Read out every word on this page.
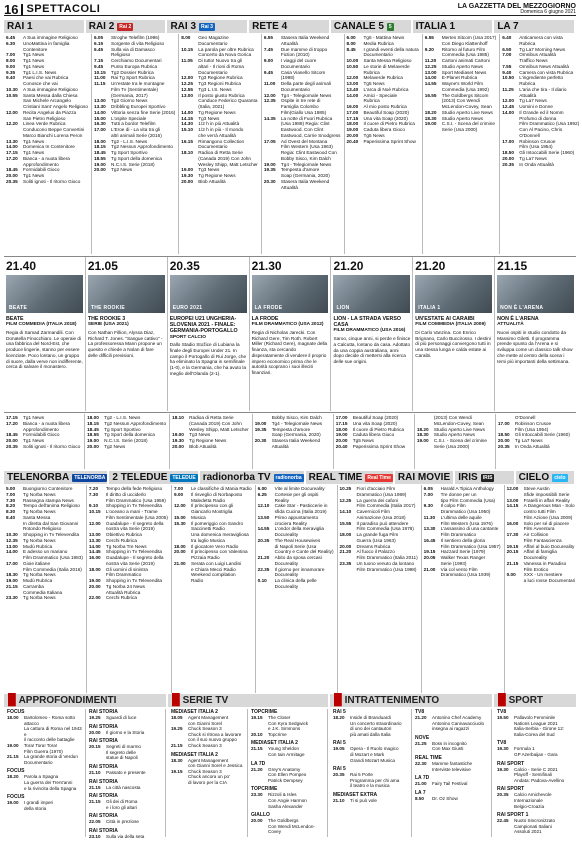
16 SPETTACOLI	LA GAZZETTA DEL MEZZOGIORNO
Domenica 6 giugno 2021
RAI 1	RAI 2 Rai 2	RAI 3 Rai 3	RETE 4	CANALE 5 5	ITALIA 1	LA 7
6.45	A Sua immagine Religioso
6.30	UnoMattina in famiglia
Contenitore
7.00	Tg1 News
8.00	Tg1 News
9.00	Tg1 News
9.35	Tg1 L.I.S. News
9.40	Paesi che vai Rubrica
Conosce che vai
10.30	A Sua immagine Religioso
10.55	Santa Messa dalla Chiesa
San Michele Arcangelo
Cristiani Sant' Angelo Religioso
12.00	Recita Angelus da Piazza
San Pietro Religioso
12.20	Linea Verde Rubrica
Conducono Beppe Convertini
Marco Bianchi Lorena Peron
13.30	Tg1 News
14.00	Domenica In Contenitore
17.15	Tg1 News
17.20	Bianca - a nuota libera
Approfondimento
18.45	Formidabili Gioco
20.00	Tg1 News
20.35	Soliti ignoti - Il ritorno Gioco
6.05	Stroghe Telefilm (1996)
6.15	Sorgente di vita Religioso
6.45	Sulla via di Damasco
Religioso
7.15	Cerchiamo Documentari
9.45	Punto Europa Rubrica
10.15	Tg2 Dossier Rubrica
11.00	Rai Tg Sport Rubrica
11.15	Un'estate tra le montagne
Film Tv (Sentimentale)
(Germania, 2017)
13.00	Tg2 Giorno News
13.30	Dribbling Europei Sportivo
14.00	Vittoria senza fine Serie (2016)
15.00	L'ospite Speciale
16.30	Tutti a bordo! Telefilm
17.00	L'Eroe di - La vita tra gli
altri animali Serie (2016)
18.00	Tg2 - L.I.S. News
18.15	Tg2 Nessun Approfondimento
18.45	Tg Sport Sportivo
18.55	Tg Sport della domenica
19.00	N.C.I.S. Serie (2018)
20.00	Tg2 News
8.00	Geo Magazine
Documentario
10.15	La parola per oltre Rubrica
Concerto da Nova Gorica
11.05	Di tutto! Nuovo tra gli
altari - Il rioni di Roma
Documentario
12.00	Tg3 Regione Rubrica
12.25	Tg3 Regioni Rubrica
12.55	Tg3 L.I.S. News
13.00	Il posto giusto Rubrica
Conduce Federico Quaranta
(Italia, 2021)
14.00	Tg Regione News
14.15	Tg3 News
14.30	1/2 h in più Attualità
15.10	1/2 h in più - Il mondo
che verrà Attualità
16.15	Rimangono Collection
Documentario
18.10	Radioa di Retta Serie
(Canada 2019) Con John
Wesley Shipp, Matt Letscher
19.00	Tg3 News
19.30	Tg Regione News
20.00	Blob Attualità
6.55	Stasera Italia Weekend
Attualità
7.45	Due mamme di troppo
Fiction (2010)
9.00	I viaggi del cuore
Documentario
9.45	Casa Vianello Sitcom
(1998)
11.00	Della parte degli animali
Documentario
12.00	Tg4 - Telegiornale News
12.35	Ospite in tre rete di
Famiglia Colombo
Film(Giallo Usa 1985)
14.35	La notte di Fuori Rubrica
(Usa 1988) Regia: Clint
Eastwood. Con Clint
Eastwood, Carrie Snodgress
17.05	Ad Ovest del Montana
Film Western (Usa 1963)
Regia: Clint Eastwood Con
Bobby Sisco, Kim Dalch
19.00	Tg4 - Telegiornale News
19.35	Tempesta d'amore
Soap (Germania, 2020)
20.30	Stasera Italia Weekend
Attualità
6.00	Tg5 - Mattina News
8.00	Media Rubrica
8.45	I grandi eventi della natura
Documentario
10.00	Santa Messa Religioso
10.50	Le storie di Melaverde
Rubrica
12.00	Melaverde Rubrica
13.00	Tg5 News
13.40	L'arca di Noè Rubrica
14.00	Amici - Speciale
Rubrica
16.00	Al mio posto Rubrica
17.00	Beautiful Soap (2020)
17.15	Una vita Soap (2020)
18.00	Il cuore di Pietro Rubrica
19.00	Caduta libera Gioco
20.00	Tg5 News
20.40	Paperissima Sprint Show
6.55	Mertes Sitcom (Usa 2017)
Con Diego Klattenhoff
9.20	Ritorno al futuro Film
Commedia (Usa 1985)
11.20	Cartoni animati Cartoni
12.25	Studio Aperto News
13.00	Sport Mediaset News
14.00	E-Planet Rubrica
14.55	Wayne's World Film
Commedia (Usa 1992)
16.55	The Goldbergs Sitcom
(2013) Con Wendi
McLendon-Covey, Sean
18.20	Studio Aperto Live News
18.30	Studio Aperto News
19.00	C.S.I. - Scena del crimine
Serie (Usa 2000)
6.40	Anticamera con vista
Rubrica
6.50	Tg La7 Morning News
7.00	Omnibus Attualità
Traffico News
7.55	Omnibus News Attualità
9.40	Camera con vista Rubrica
10.50	L'ingrediente perfetto
Rubrica
11.25	L'aria che tira - Il diario
Attualità
12.00	Tg La7 News
12.45	Uomini e Donne
14.00	Il Grande ed il Nomm
Profumo di donna
Film Drammatico (Usa 1992)
Con Al Pacino, Chris
O'Donnell
17.00	Robinson Crusoe
Film (Usa 1954)
18.50	Gli Intoccabili Serie (1960)
20.00	Tg La7 News
20.35	In Onda Attualità
21.40
BEATE
BEATE
FILM COMMEDIA (ITALIA 2018)
Regia di Samad Zarmandili. Con Donatella Finocchiaro. Le operaie di una fabbrica del Nord-Est, che produce lingerie, stanno per essere licenziate. Poco lontano, un gruppo di suore, dalla verve non indifferente, cerca di salvare il monastero.
21.05
THE ROOKIE
THE ROOKIE 3
SERIE (USA 2021)
Con Nathan Fillion, Alyssa Diaz, Richard T. Jones. "Sangue cattivo" - La professoressa Mann propone un quesito e chiede a Nolan di fare delle difficili previsioni.
20.35
EURO 2021
EUROPEI U21 UNGHERIA-SLOVENIA 2021 - FINALE: GERMANIA-PORTOGALLO
SPORT CALCIO
Dallo Stadio Stožice di Lubiana la finale degli Europei Under 21. In campo il Portogallo di Rui Jorge, che ha eliminato la Spagna in semifinale (1-0), e la Germania, che ha avuto la meglio dell'Olanda (2-1).
21.30
LA FRODE
LA FRODE
FILM DRAMMATICO (USA 2012)
Regia di Nicholas Jarecki. Con Richard Gere, Tim Roth. Robert Miller (Richard Gere), magnate della finanza, sta cercando disperatamente di vendere il proprio impero economico prima che le autorità scoprano i suoi illeciti finanziari.
21.20
LION
LION - LA STRADA VERSO CASA
FILM DRAMMATICO (USA 2016)
Saroo, cinque anni, si perde e finisce a Calcutta, lontano da casa. Adottato da una coppia australiana, anni dopo decide di mettersi alla ricerca delle sue origini.
21.20
ITALIA 1
UN'ESTATE AI CARAIBI
FILM COMMEDIA (ITALIA 2009)
Di Carlo Vanzina. Con Enrico Brignano, Carlo Buccirosso. I destini di più personaggi convergono tutti in una stessa lunga e calda estate ai Caraibi.
21.15
NON È L'ARENA
NON È L'ARENA
ATTUALITÀ
Nuovi ospiti in studio condotto da Massimo Giletti. Il programma prende spunto da l'Arena e si sviluppa come un classico talk show che mette al centro della scena i temi più importanti della settimana.
17.15	Tg1 News
17.20	Bianca - a nuota libera
Approfondimento
18.45	Formidabili Gioco
20.00	Tg1 News
20.35	Soliti ignoti - Il ritorno Gioco
18.00	Tg2 - L.I.S. News
18.15	Tg2 Nessun Approfondimento
18.45	Tg Sport Sportivo
18.55	Tg Sport della domenica
19.00	N.C.I.S. Serie (2018)
20.00	Tg2 News
18.10	Radioa di Retta Serie
(Canada 2019) Con John
Wesley Shipp, Matt Letscher
19.00	Tg3 News
19.30	Tg Regione News
20.00	Blob Attualità
Bobby Sisco, Kim Dalch
19.00	Tg4 - Telegiornale News
19.35	Tempesta d'amore
Soap (Germania, 2020)
20.30	Stasera Italia Weekend
Attualità
17.00	Beautiful Soap (2020)
17.15	Una vita Soap (2020)
18.00	Il cuore di Pietro Rubrica
19.00	Caduta libera Gioco
20.00	Tg5 News
20.40	Paperissima Sprint Show
(2013) Con Wendi
McLendon-Covey, Sean
18.20	Studio Aperto Live News
18.30	Studio Aperto News
19.00	C.S.I. - Scena del crimine
Serie (Usa 2000)
O'Donnell
17.00	Robinson Crusoe
Film (Usa 1954)
18.50	Gli Intoccabili Serie (1960)
20.00	Tg La7 News
20.35	In Onda Attualità
TELENORBA TELENORBA 2 TELEDUE TELEDUE radionorba TV radionorba REAL TIME Real Time RAI MOVIE IRIS IRIS	CIELO cielo
5.00	Buongiorno Contenitore
7.00	Tg Norba News
7.30	Rassegna stampa News
8.20	Tempo dell'anima Religioso
8.30	Tg Norba News
8.40	Santa Messa
In diretta dal San Giovanni
Rotondo Religioso
10.30	Shopping in Tv Televendita
12.35	Tg Norba News
13.00	Mudù Rubrica
14.00	E adesso un mariano
Film Drammatico (Usa 1983)
17.00	Gioie italiane
Film Commedia (Italia 2016)
18.30	Tg Norba News
19.00	Mudù Rubrica
21.15	Carramba
Commedia Italiana
23.30	Tg Norba News
7.20	Tempo della fede Religioso
7.30	Il diritto di ucciderlo
Film Drammatico (Usa 1959)
9.10	Shopping in Tv Televendita
10.15	L'oceano a mani - Trame
Film Sentimentale (Usa 2005)
12.00	Guadalupe - Il segreto della
nostra vita Serie (2019)
13.00	Obiettivo Rubrica
13.30	Cerchi Rubrica
14.00	Tg Norba Tre News
14.45	Shopping in Tv Televendita
16.00	Guadalupe - Il segreto della
nostra vita Serie (2019)
18.00	Gli uomini di sinistra
Film Drammatico
19.00	Shopping in Tv Televendita
20.00	Tg Norba 24 News
Attualità Rubrica
22.00	Cerchi Rubrica
7.00	Le classifiche di Mania Radio
9.00	Il risveglio di Norbaposto
Maledetta Radio
12.00	Il principesso con gli
Giancarlo Mostriglia
15.00	Musica
15.30	Il pomeriggio con Sandro
Saccinetti Radio
Una domenica meravigliosa
tra luglio Musica
18.00	Il giocatore Vero Radio
20.00	Il principesso con Valentina
Pizzaia Radio
21.00	Serata con Luigi Landini
e Chiara Mecci Radio
Weekend compilation
Radio
6.00	Vite al limite Docureality
6.25	Cortesie per gli ospiti
Reality
12.10	Cake Star - Pasticcerie in
sfida Cucina (Italia 2019)
13.50	Primo appuntamento
crociera Reality
14.55	L'ondor della meraviglia
Docureality
20.35	The Real Housewives
di Napoli Serie (Usa
Country e Conte del Reality)
21.20	Abito da sposa cercasi
Docureality
22.35	Il giorno per innamorare
Docureality
0.10	La clinica della pelle
Docureality
10.25	Fiori d'acciaio Film
Drammatico (Usa 1989)
12.25	La guerra dei cafoni
Film Commedia (Italia 2017)
14.10	Cavernicoli Film
Animazione (Usa 2018)
15.55	Il paradiso può attendere
Film Commedia (Usa 1978)
18.00	La grande fuga Film
Guerra (Usa 1963)
20.00	Dreams Rubrica
21.20	Al fuoco il Palazzo
Film Drammatico (Italia 2011)
23.35	Un tuono venuto da lontano
Film Drammatico (Usa 1998)
6.05	Harald A Tipica Anthology
7.00	Tre donne per un
tipo Film Commedia (Usa)
9.30	Il colpo Film
Drammatico (Usa 1950)
11.30	L'ultima delle aquile
Film Western (Usa 1976)
13.30	L'assassino di una cantante
Film Drammatico
16.45	Il sentiero della gloria
Film Drammatico (Usa 1957)
19.15	Hazzard Serie (1979)
20.05	Walker Texas Ranger
Serie (1993)
21.00	Via col vento Film
Drammatico (Usa 1939)
12.00	Steve Austin
Sfide impossibili Serie
13.00	Fratelli in affari Reality
14.15	A Dangerous Man - Solo
contro tutti Film
Film Azione (Usa 2009)
16.00	Solo per sé di piacere
Film Avventura
17.30	Air Collision
Film Fantascienza
19.15	Affari al buio Docureality
20.15	Affari di famiglia
Docureality
21.15	Vanessa in Paradiso
Film Erotico
0.00	XXX - Un mestiere
a luci rosse Documentari
█ APPROFONDIMENTI	█ SERIE TV	█ INTRATTENIMENTO	█ SPORT
FOCUS
18.00	Bartolomeo - Roma sotto attacco
La cattura di Roma nel 1943 e
il racconto delle battaglie
19.00	Tora! Tora! Tora!
Film Guerra (1970)
21.15	La grande storia di Verdun
Documentario
FOCUS
18.20	Parola a Spagna
La guerra dei Trent'anni
e la rivincita della Spagna
FOCUS
19.00	I grandi imperi
della storia
RAI STORIA
19.25	Sguardi di luce
RAI STORIA
20.00	Il giorno e la Storia
RAI STORIA
20.15	Segreti di marmo
Il segreto delle
statue di Napoli
RAI STORIA
21.10	Passato e presente
RAI STORIA
21.15	La città nascosta
RAI STORIA
21.15	Gli dei di Roma
e i loro gli altari
RAI STORIA
22.05	Città in preziose
RAI STORIA
23.10	Sulla via della seta
MEDIASET ITALIA 2
18.05	Agent Management
con Gianni Sorel
19.25	Chuck Season 3
Chuck si ritrova a lavorare
con il suo nuovo gruppo
21.15	Chuck Season 3
MEDIASET ITALIA 2
18.30	Agent Management
con Gianni Sorel e Jessica
19.15	Chuck Season 3
Chuck ancora un po'
di lavoro per la CIA
TOPCRIME
19.15	The Closer
Con Kyra Sedgwick
e J.K. Simmons
20.10	Topcrime
MEDIASET ITALIA 2
21.15	Young Sheldon
Con Iain Armitage
LA 7D
21.20	Grey's Anatomy
Con Ellen Pompeo
Patrick Dempsey
TOPCRIME
23.30	Rizzoli & Isles
Con Angie Harmon
Sasha Alexander
GIALLO
20.00	The Goldbergs
Con Wendi McLendon-Covey
RAI 5
18.20	Inside di Branduardi
Un concerto straordinario
di uno dei cantautori
più amati dalla Italia
RAI 5
19.05	Opera - Il Ruolo magico
di Mozart e Mark
Grandi Mozart Musica
RAI 5
20.35	Rai 5 Porte
Programma per chi ama
il teatro e la musica
MEDIASET EXTRA
21.10	Ti si può vole
TV8
21.20	Antonino Chef Academy
Antonino Cannavacciuolo
insegna ai ragazzi
NOVE
21.25	Boss in incognito
Con Max Giusti
REAL TIME
22.30	Mamme fantastiche
Interviste televisive
LA 7D
21.00	Fairy Tail Festival
LA 7
8.50	Dr. Oz Show
TV8
19.50	Pallavolo Femminile
Nations League 2021
Italia-Serbia - Girone 12:
Italia-Corea del Sud
TV8
19.30	Formula 1
GP Azerbaijan - Gara
RAI SPORT
19.30	Calcio - Serie C 2021
Playoff - Semifinali
Andata: Padova-Avellino
RAI SPORT
20.35	Calcio Amichevole
Internazionale
Belgio-Croazia
RAI SPORT 1
22.45	Nuoto Sincronizzato
Campionati Italiani
Assoluti 2021
